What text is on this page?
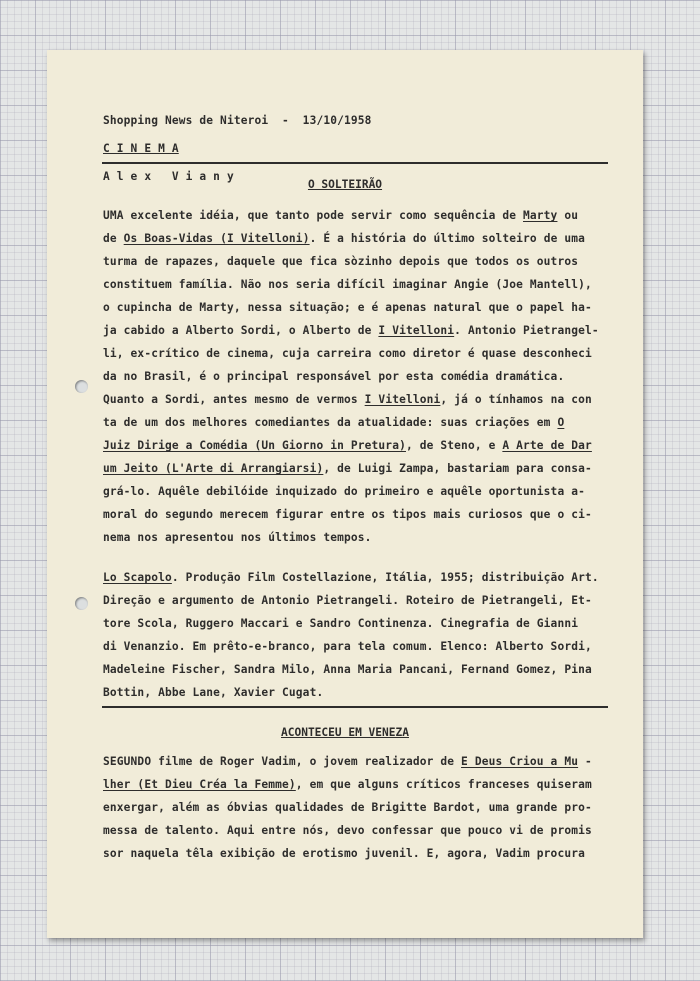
Shopping News de Niteroi  -  13/10/1958
C I N E M A
A l e x   V i a n y
O SOLTEIRÃO
UMA excelente idéia, que tanto pode servir como sequência de Marty ou
de Os Boas-Vidas (I Vitelloni). É a história do último solteiro de uma
turma de rapazes, daquele que fica sòzinho depois que todos os outros
constituem família. Não nos seria difícil imaginar Angie (Joe Mantell),
o cupincha de Marty, nessa situação; e é apenas natural que o papel ha-
ja cabido a Alberto Sordi, o Alberto de I Vitelloni. Antonio Pietrangel-
li, ex-crítico de cinema, cuja carreira como diretor é quase desconheci
da no Brasil, é o principal responsável por esta comédia dramática.
Quanto a Sordi, antes mesmo de vermos I Vitelloni, já o tínhamos na con
ta de um dos melhores comediantes da atualidade: suas criações em O
Juiz Dirige a Comédia (Un Giorno in Pretura), de Steno, e A Arte de Dar
um Jeito (L'Arte di Arrangiarsi), de Luigi Zampa, bastariam para consa-
grá-lo. Aquêle debilóide inquizado do primeiro e aquêle oportunista a-
moral do segundo merecem figurar entre os tipos mais curiosos que o ci-
nema nos apresentou nos últimos tempos.
Lo Scapolo. Produção Film Costellazione, Itália, 1955; distribuição Art.
Direção e argumento de Antonio Pietrangeli. Roteiro de Pietrangeli, Et-
tore Scola, Ruggero Maccari e Sandro Continenza. Cinegrafia de Gianni
di Venanzio. Em prêto-e-branco, para tela comum. Elenco: Alberto Sordi,
Madeleine Fischer, Sandra Milo, Anna Maria Pancani, Fernand Gomez, Pina
Bottin, Abbe Lane, Xavier Cugat.
ACONTECEU EM VENEZA
SEGUNDO filme de Roger Vadim, o jovem realizador de E Deus Criou a Mu -
lher (Et Dieu Créa la Femme), em que alguns críticos franceses quiseram
enxergar, além as óbvias qualidades de Brigitte Bardot, uma grande pro-
messa de talento. Aqui entre nós, devo confessar que pouco vi de promis
sor naquela têla exibição de erotismo juvenil. E, agora, Vadim procura
